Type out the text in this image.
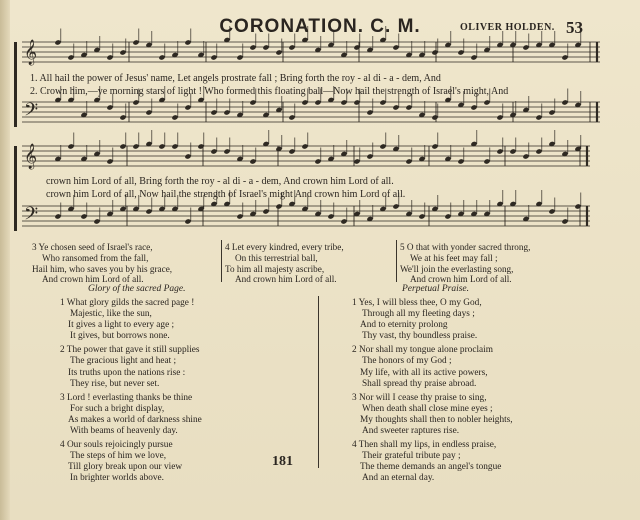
CORONATION. C. M.	OLIVER HOLDEN. 53
𝄞
𝄢
𝄞
𝄢
1. All hail the power of Jesus' name, Let angels prostrate fall ; Bring forth the roy - al di - a - dem, And
2. Crown him,—ye morning stars of light ! Who formed this floating ball—Now hail the strength of Israel's might, And
crown him Lord of all, Bring forth the roy - al di - a - dem, And crown him Lord of all.
crown him Lord of all, Now hail the strength of Israel's might And crown him Lord of all.
3 Ye chosen seed of Israel's race,
Who ransomed from the fall,
Hail him, who saves you by his grace,
And crown him Lord of all.
4 Let every kindred, every tribe,
On this terrestrial ball,
To him all majesty ascribe,
And crown him Lord of all.
5 O that with yonder sacred throng,
We at his feet may fall ;
We'll join the everlasting song,
And crown him Lord of all.
Glory of the sacred Page.	Perpetual Praise.
1 What glory gilds the sacred page !
Majestic, like the sun,
It gives a light to every age ;
It gives, but borrows none.
2 The power that gave it still supplies
The gracious light and heat ;
Its truths upon the nations rise :
They rise, but never set.
3 Lord ! everlasting thanks be thine
For such a bright display,
As makes a world of darkness shine
With beams of heavenly day.
4 Our souls rejoicingly pursue
The steps of him we love,
Till glory break upon our view
In brighter worlds above.
1 Yes, I will bless thee, O my God,
Through all my fleeting days ;
And to eternity prolong
Thy vast, thy boundless praise.
2 Nor shall my tongue alone proclaim
The honors of my God ;
My life, with all its active powers,
Shall spread thy praise abroad.
3 Nor will I cease thy praise to sing,
When death shall close mine eyes ;
My thoughts shall then to nobler heights,
And sweeter raptures rise.
4 Then shall my lips, in endless praise,
Their grateful tribute pay ;
The theme demands an angel's tongue
And an eternal day.
181
